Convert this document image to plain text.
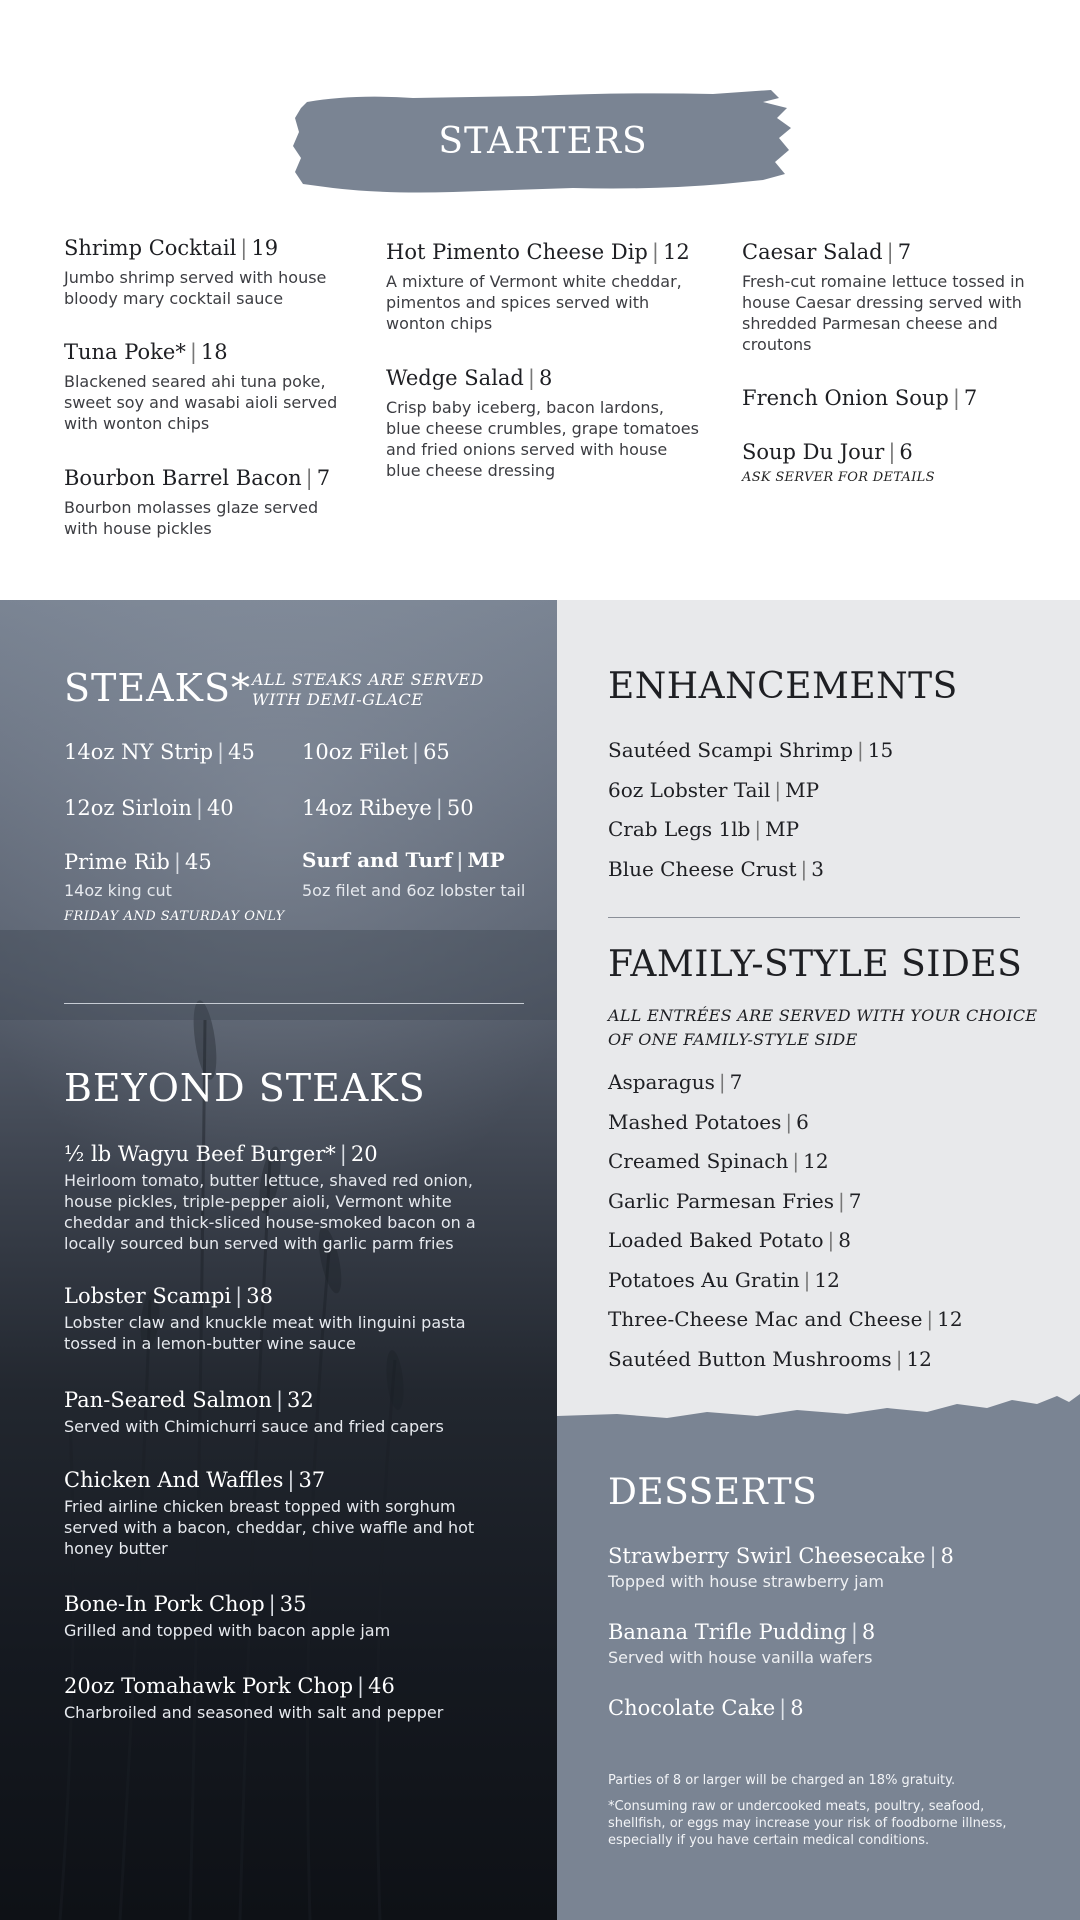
STARTERS
Shrimp Cocktail | 19
Jumbo shrimp served with house bloody mary cocktail sauce
Tuna Poke* | 18
Blackened seared ahi tuna poke, sweet soy and wasabi aioli served with wonton chips
Bourbon Barrel Bacon | 7
Bourbon molasses glaze served with house pickles
Hot Pimento Cheese Dip | 12
A mixture of Vermont white cheddar, pimentos and spices served with wonton chips
Wedge Salad | 8
Crisp baby iceberg, bacon lardons, blue cheese crumbles, grape tomatoes and fried onions served with house blue cheese dressing
Caesar Salad | 7
Fresh-cut romaine lettuce tossed in house Caesar dressing served with shredded Parmesan cheese and croutons
French Onion Soup | 7
Soup Du Jour | 6
ASK SERVER FOR DETAILS
STEAKS* ALL STEAKS ARE SERVED
WITH DEMI-GLACE
14oz NY Strip | 45 10oz Filet | 65
12oz Sirloin | 40	14oz Ribeye | 50
Prime Rib | 45
14oz king cut
FRIDAY AND SATURDAY ONLY
Surf and Turf | MP
5oz filet and 6oz lobster tail
BEYOND STEAKS
½ lb Wagyu Beef Burger* | 20
Heirloom tomato, butter lettuce, shaved red onion, house pickles, triple-pepper aioli, Vermont white cheddar and thick-sliced house-smoked bacon on a locally sourced bun served with garlic parm fries
Lobster Scampi | 38
Lobster claw and knuckle meat with linguini pasta tossed in a lemon-butter wine sauce
Pan-Seared Salmon | 32
Served with Chimichurri sauce and fried capers
Chicken And Waffles | 37
Fried airline chicken breast topped with sorghum served with a bacon, cheddar, chive waffle and hot honey butter
Bone-In Pork Chop | 35
Grilled and topped with bacon apple jam
20oz Tomahawk Pork Chop | 46
Charbroiled and seasoned with salt and pepper
ENHANCEMENTS
Sautéed Scampi Shrimp | 15
6oz Lobster Tail | MP
Crab Legs 1lb | MP
Blue Cheese Crust | 3
FAMILY-STYLE SIDES
ALL ENTRÉES ARE SERVED WITH YOUR CHOICE
OF ONE FAMILY-STYLE SIDE
Asparagus | 7
Mashed Potatoes | 6
Creamed Spinach | 12
Garlic Parmesan Fries | 7
Loaded Baked Potato | 8
Potatoes Au Gratin | 12
Three-Cheese Mac and Cheese | 12
Sautéed Button Mushrooms | 12
DESSERTS
Strawberry Swirl Cheesecake | 8
Topped with house strawberry jam
Banana Trifle Pudding | 8
Served with house vanilla wafers
Chocolate Cake | 8
Parties of 8 or larger will be charged an 18% gratuity.
*Consuming raw or undercooked meats, poultry, seafood, shellfish, or eggs may increase your risk of foodborne illness, especially if you have certain medical conditions.
